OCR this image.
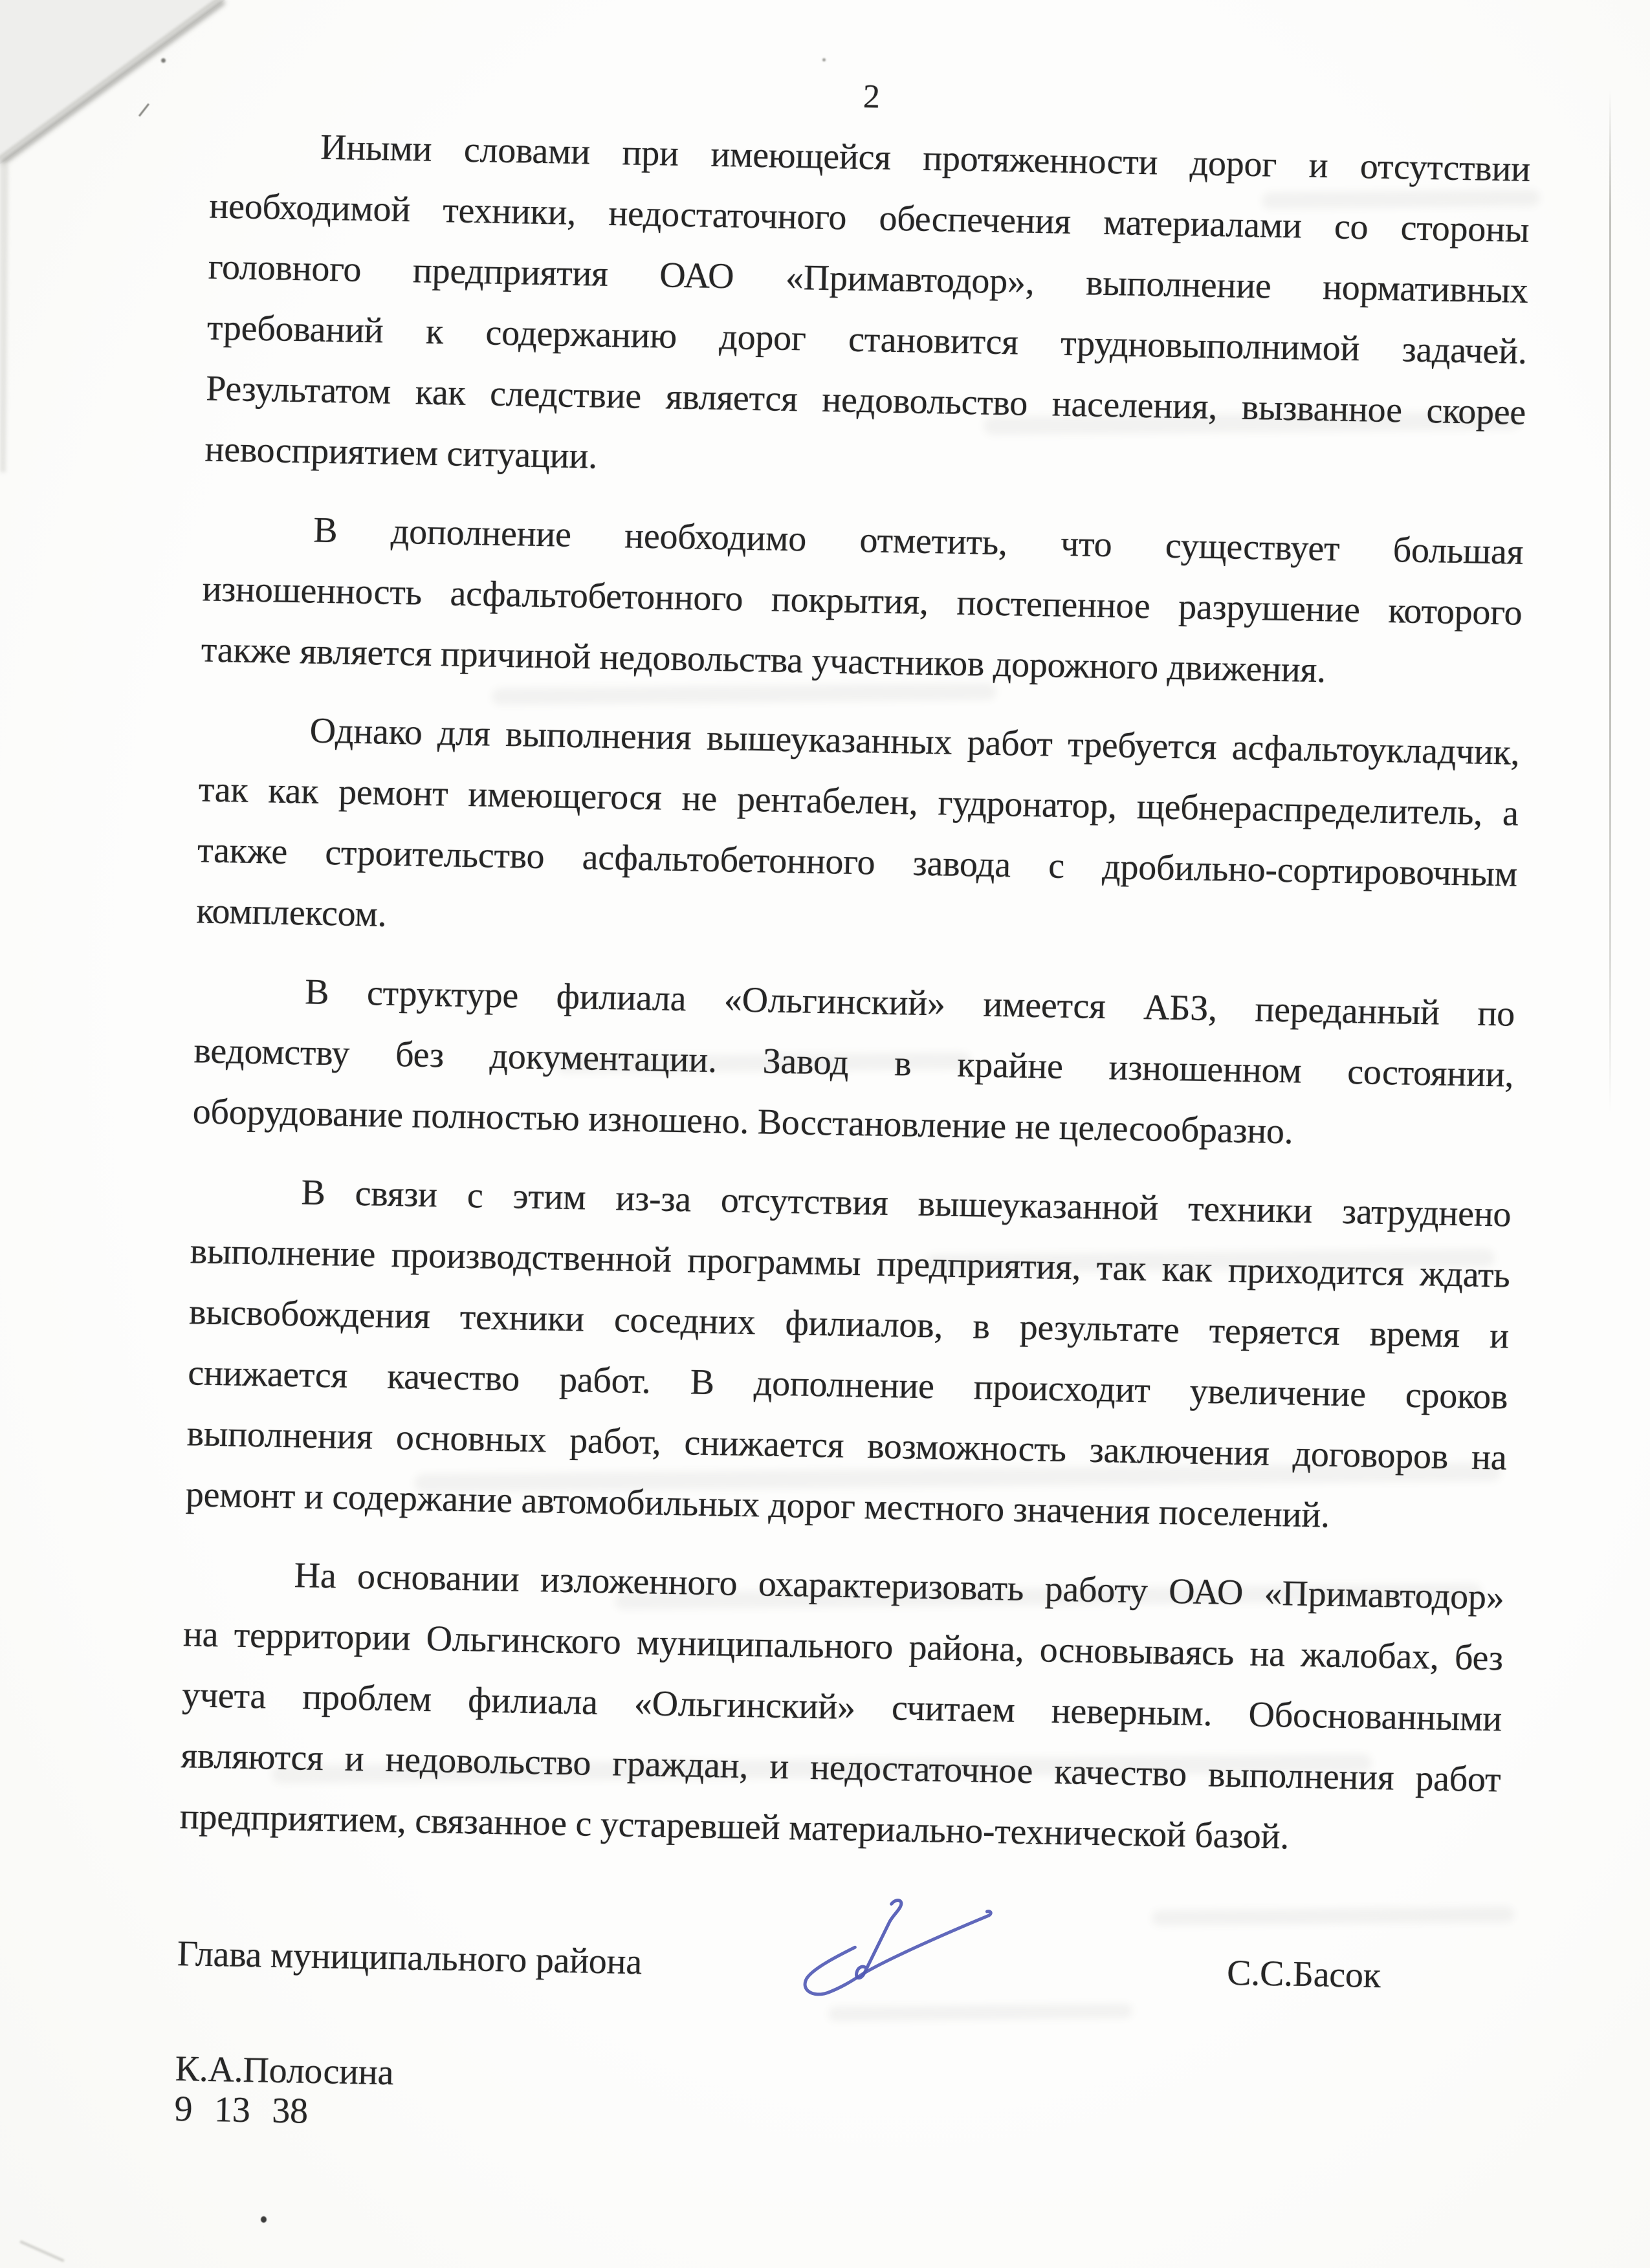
2
Иными словами при имеющейся протяженности дорог и отсутствии
необходимой техники, недостаточного обеспечения материалами со стороны
головного предприятия ОАО «Примавтодор», выполнение нормативных
требований к содержанию дорог становится трудновыполнимой задачей.
Результатом как следствие является недовольство населения, вызванное скорее
невосприятием ситуации.
В дополнение необходимо отметить, что существует большая
изношенность асфальтобетонного покрытия, постепенное разрушение которого
также является причиной недовольства участников дорожного движения.
Однако для выполнения вышеуказанных работ требуется асфальтоукладчик,
так как ремонт имеющегося не рентабелен, гудронатор, щебнераспределитель, а
также строительство асфальтобетонного завода с дробильно-сортировочным
комплексом.
В структуре филиала «Ольгинский» имеется АБЗ, переданный по
ведомству без документации. Завод в крайне изношенном состоянии,
оборудование полностью изношено. Восстановление не целесообразно.
В связи с этим из-за отсутствия вышеуказанной техники затруднено
выполнение производственной программы предприятия, так как приходится ждать
высвобождения техники соседних филиалов, в результате теряется время и
снижается качество работ. В дополнение происходит увеличение сроков
выполнения основных работ, снижается возможность заключения договоров на
ремонт и содержание автомобильных дорог местного значения поселений.
На основании изложенного охарактеризовать работу ОАО «Примавтодор»
на территории Ольгинского муниципального района, основываясь на жалобах, без
учета проблем филиала «Ольгинский» считаем неверным. Обоснованными
являются и недовольство граждан, и недостаточное качество выполнения работ
предприятием, связанное с устаревшей материально-технической базой.
Глава муниципального района	С.С.Басок
К.А.Полосина
9 13 38
